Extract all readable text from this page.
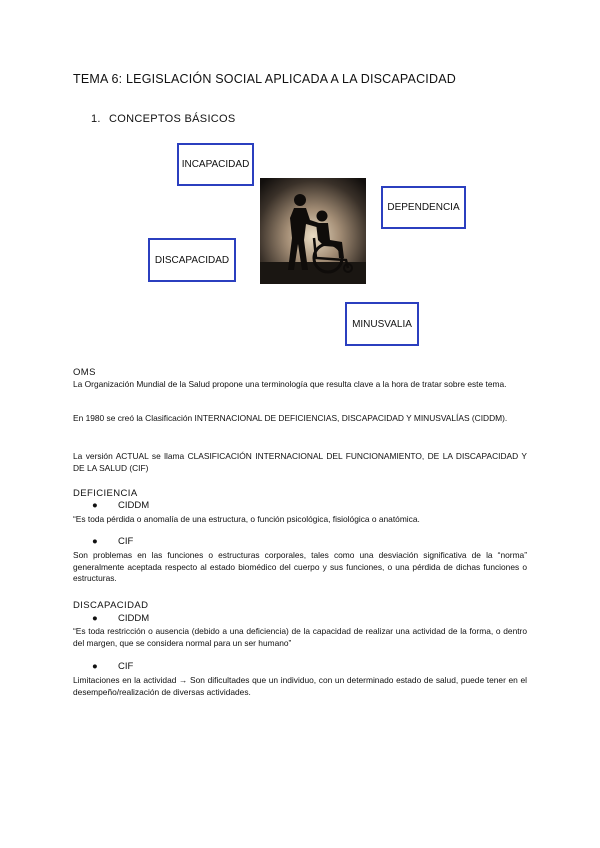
TEMA 6: LEGISLACIÓN SOCIAL APLICADA A LA DISCAPACIDAD
1. CONCEPTOS BÁSICOS
INCAPACIDAD
DEPENDENCIA
DISCAPACIDAD
MINUSVALIA
OMS
La Organización Mundial de la Salud propone una terminología que resulta clave a la hora de tratar sobre este tema.
En 1980 se creó la Clasificación INTERNACIONAL DE DEFICIENCIAS, DISCAPACIDAD Y MINUSVALÍAS (CIDDM).
La versión ACTUAL se llama CLASIFICACIÓN INTERNACIONAL DEL FUNCIONAMIENTO, DE LA DISCAPACIDAD Y DE LA SALUD (CIF)
DEFICIENCIA
● CIDDM
“Es toda pérdida o anomalía de una estructura, o función psicológica, fisiológica o anatómica.
● CIF
Son problemas en las funciones o estructuras corporales, tales como una desviación significativa de la “norma” generalmente aceptada respecto al estado biomédico del cuerpo y sus funciones, o una pérdida de dichas funciones o estructuras.
DISCAPACIDAD
● CIDDM
“Es toda restricción o ausencia (debido a una deficiencia) de la capacidad de realizar una actividad de la forma, o dentro del margen, que se considera normal para un ser humano”
● CIF
Limitaciones en la actividad → Son dificultades que un individuo, con un determinado estado de salud, puede tener en el desempeño/realización de diversas actividades.
